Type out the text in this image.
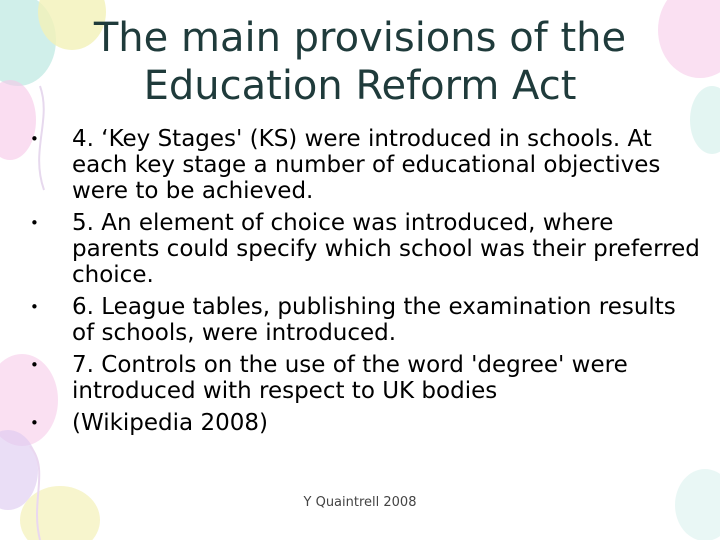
The main provisions of the
Education Reform Act
• 4. ‘Key Stages' (KS) were introduced in schools. At each key stage a number of educational objectives were to be achieved.
• 5. An element of choice was introduced, where parents could specify which school was their preferred choice.
• 6. League tables, publishing the examination results of schools, were introduced.
• 7. Controls on the use of the word 'degree' were introduced with respect to UK bodies
• (Wikipedia 2008)
Y Quaintrell 2008
